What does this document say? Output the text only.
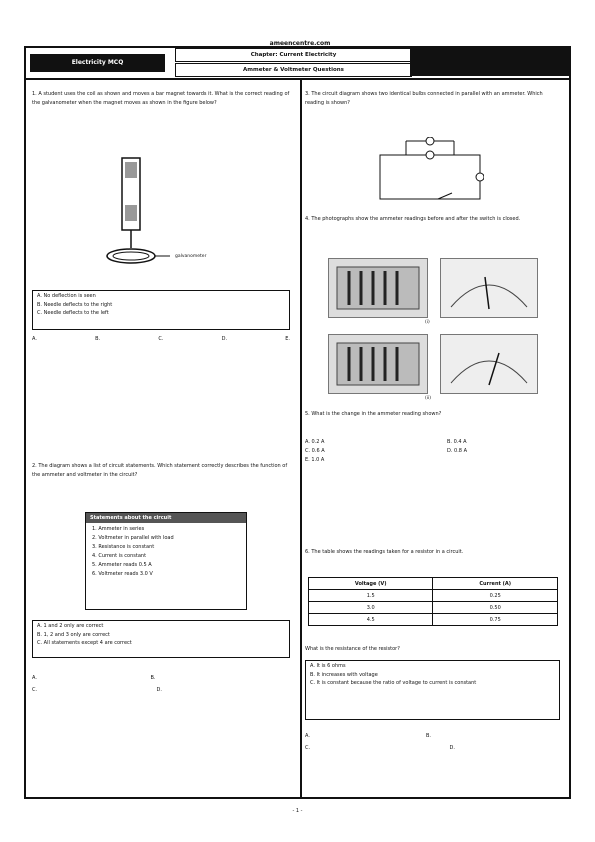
ameencentre.com
Electricity MCQ
Chapter: Current Electricity
Ammeter & Voltmeter Questions
1. A student uses the coil as shown and moves a bar magnet towards it. What is the correct reading of the galvanometer when the magnet moves as shown in the figure below?
galvanometer
A. No deflection is seen
B. Needle deflects to the right
C. Needle deflects to the left
A.	B.	C.	D.	E.
2. The diagram shows a list of circuit statements. Which statement correctly describes the function of the ammeter and voltmeter in the circuit?
Statements about the circuit
1. Ammeter in series
2. Voltmeter in parallel with load
3. Resistance is constant
4. Current is constant
5. Ammeter reads 0.5 A
6. Voltmeter reads 3.0 V
A. 1 and 2 only are correct
B. 1, 2 and 3 only are correct
C. All statements except 4 are correct
A.	B.
C.	D.
3. The circuit diagram shows two identical bulbs connected in parallel with an ammeter. Which reading is shown?
4. The photographs show the ammeter readings before and after the switch is closed.
(i)
(ii)
5. What is the change in the ammeter reading shown?
A. 0.2 A
C. 0.6 A
E. 1.0 A
B. 0.4 A
D. 0.8 A
6. The table shows the readings taken for a resistor in a circuit.
Voltage (V)	Current (A)
1.5	0.25
3.0	0.50
4.5	0.75
What is the resistance of the resistor?
A. It is 6 ohms
B. It increases with voltage
C. It is constant because the ratio of voltage to current is constant
A.	B.
C.	D.
- 1 -
